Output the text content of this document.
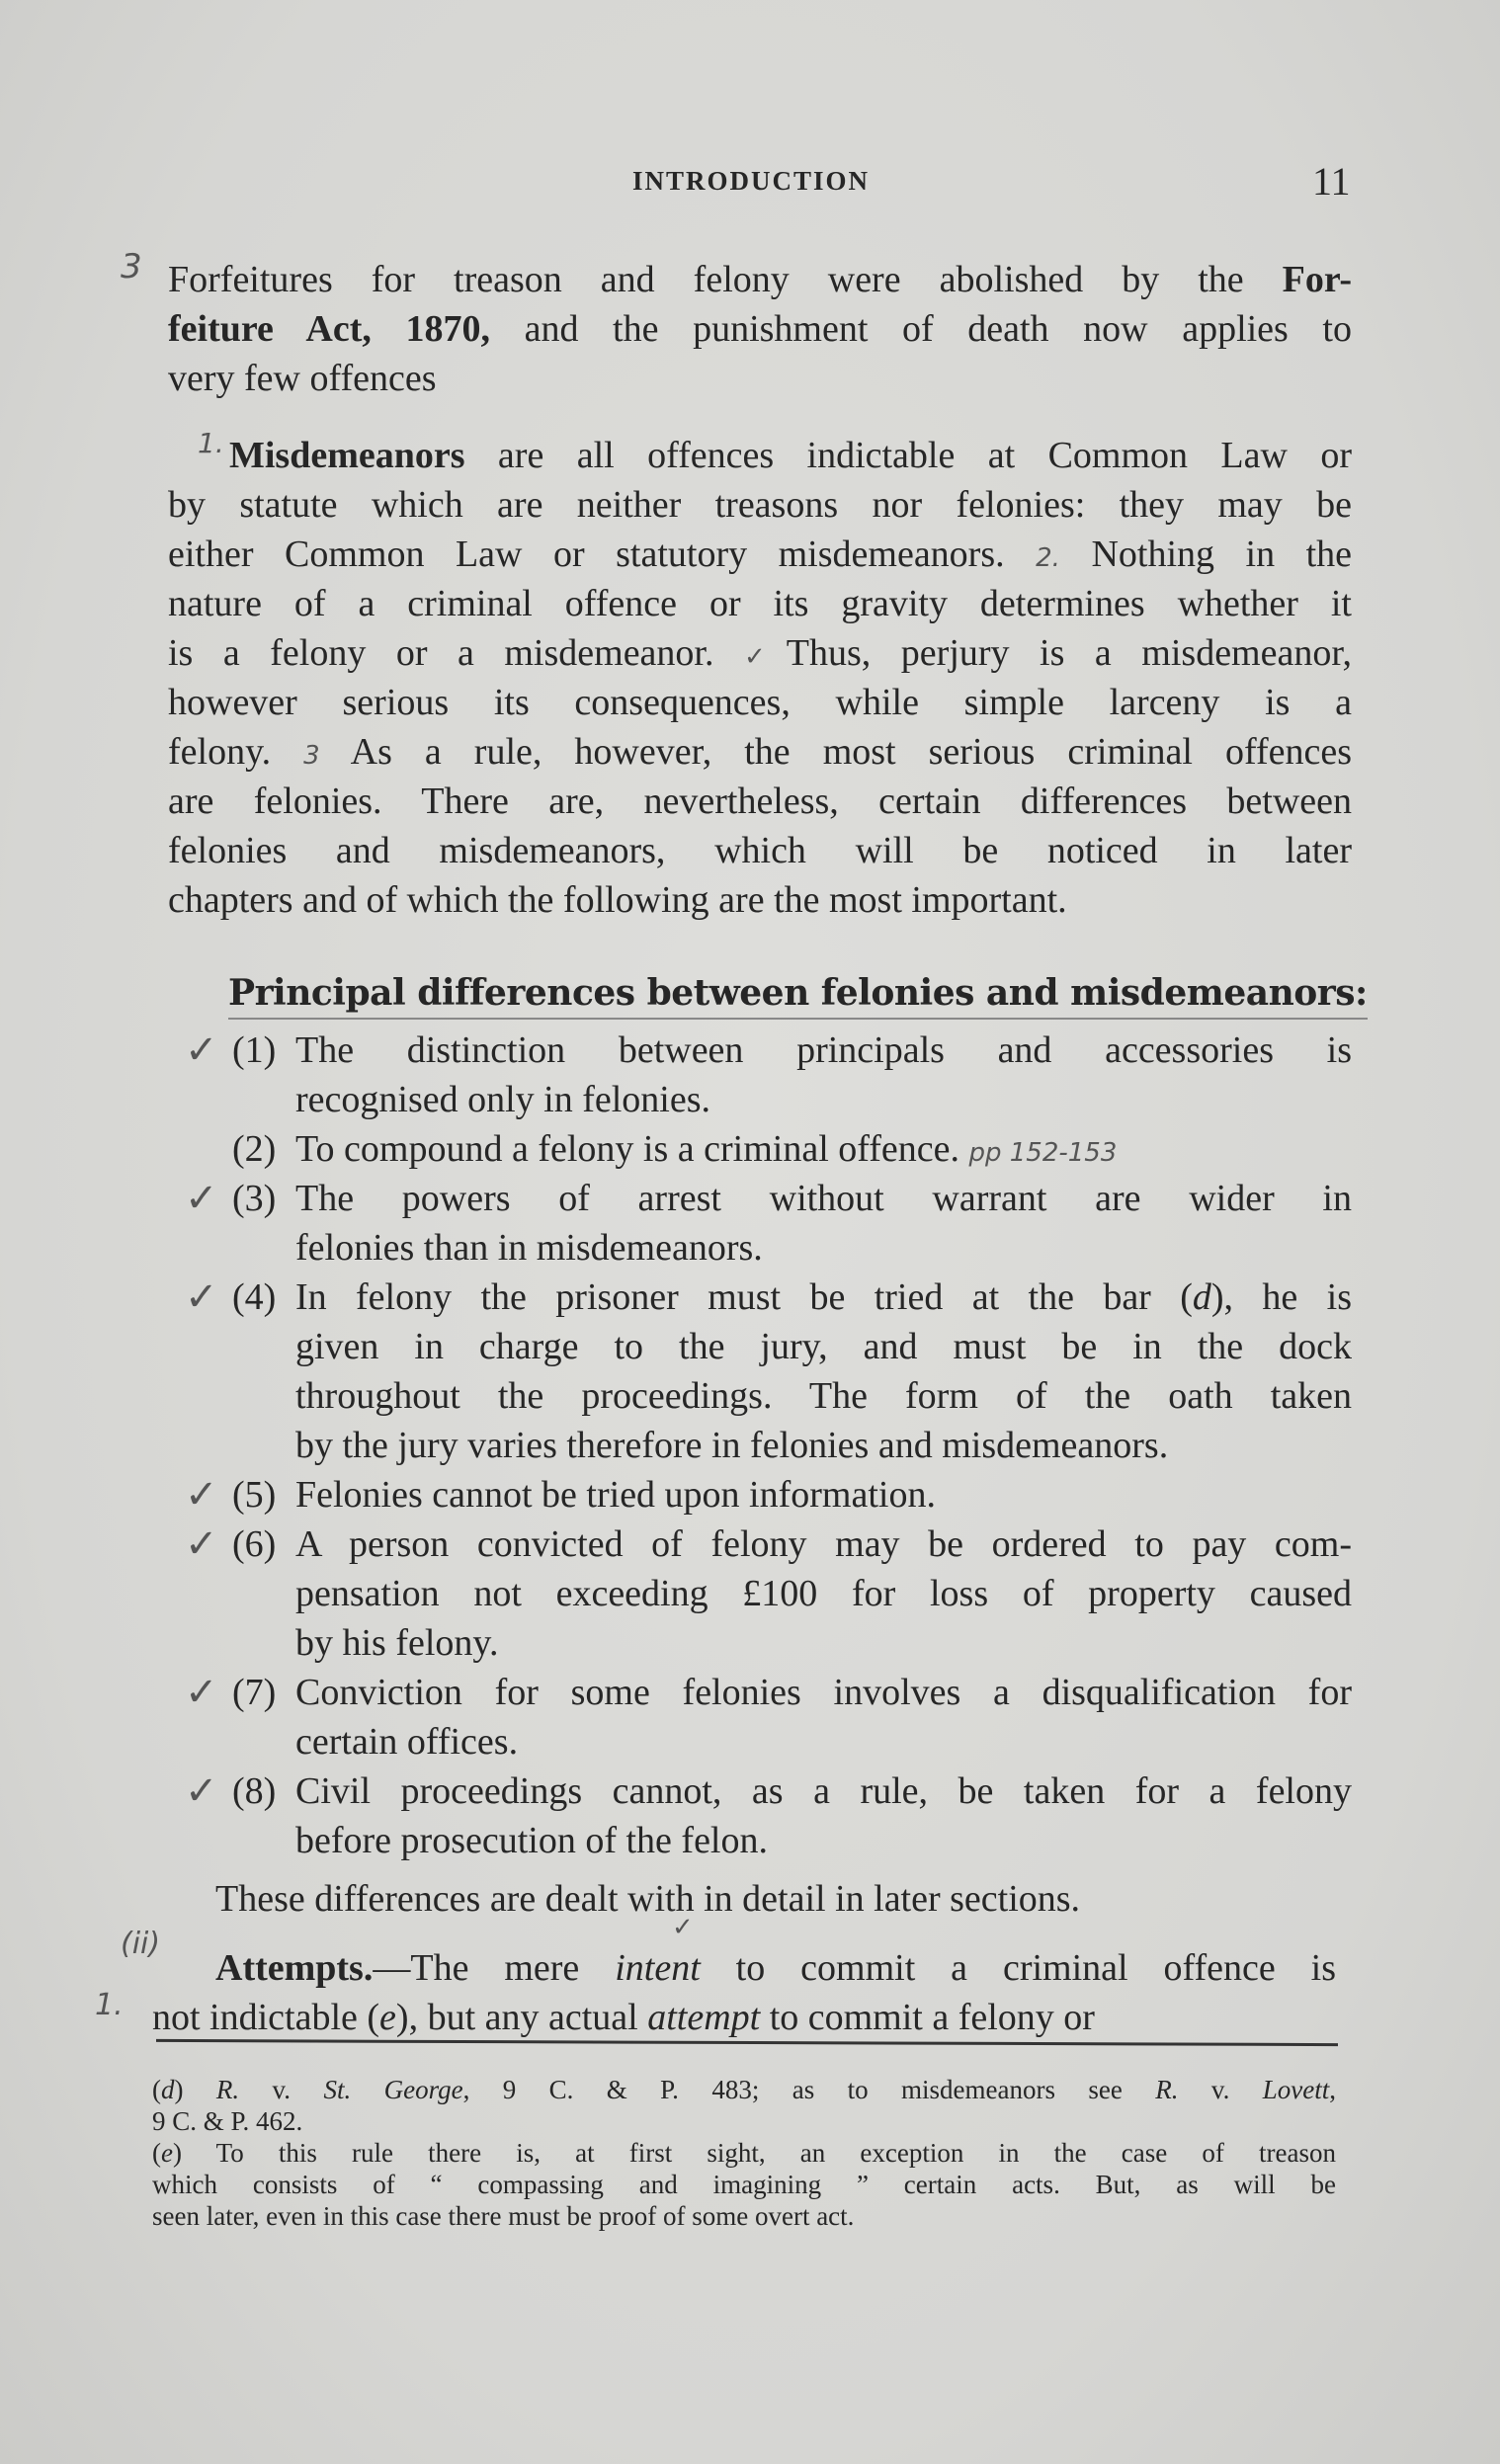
INTRODUCTION	11
3 Forfeitures for treason and felony were abolished by the For-
feiture Act, 1870, and the punishment of death now applies to
very few offences
1. Misdemeanors are all offences indictable at Common Law or
by statute which are neither treasons nor felonies: they may be
either Common Law or statutory misdemeanors. 2. Nothing in the
nature of a criminal offence or its gravity determines whether it
is a felony or a misdemeanor. ✓Thus, perjury is a misdemeanor,
however serious its consequences, while simple larceny is a
felony. 3 As a rule, however, the most serious criminal offences
are felonies. There are, nevertheless, certain differences between
felonies and misdemeanors, which will be noticed in later
chapters and of which the following are the most important.
Principal differences between felonies and misdemeanors:
✓ (1) The distinction between principals and accessories is
recognised only in felonies.
(2) To compound a felony is a criminal offence. pp 152-153
✓ (3) The powers of arrest without warrant are wider in
felonies than in misdemeanors.
✓ (4) In felony the prisoner must be tried at the bar (d), he is
given in charge to the jury, and must be in the dock
throughout the proceedings. The form of the oath taken
by the jury varies therefore in felonies and misdemeanors.
✓ (5) Felonies cannot be tried upon information.
✓ (6) A person convicted of felony may be ordered to pay com-
pensation not exceeding £100 for loss of property caused
by his felony.
✓ (7) Conviction for some felonies involves a disqualification for
certain offices.
✓ (8) Civil proceedings cannot, as a rule, be taken for a felony
before prosecution of the felon.
These differences are dealt with in detail in later sections.
(ii)
1.
✓
Attempts.—The mere intent to commit a criminal offence is
not indictable (e), but any actual attempt to commit a felony or
(d) R. v. St. George, 9 C. & P. 483; as to misdemeanors see R. v. Lovett,
9 C. & P. 462.
(e) To this rule there is, at first sight, an exception in the case of treason
which consists of “ compassing and imagining ” certain acts. But, as will be
seen later, even in this case there must be proof of some overt act.
